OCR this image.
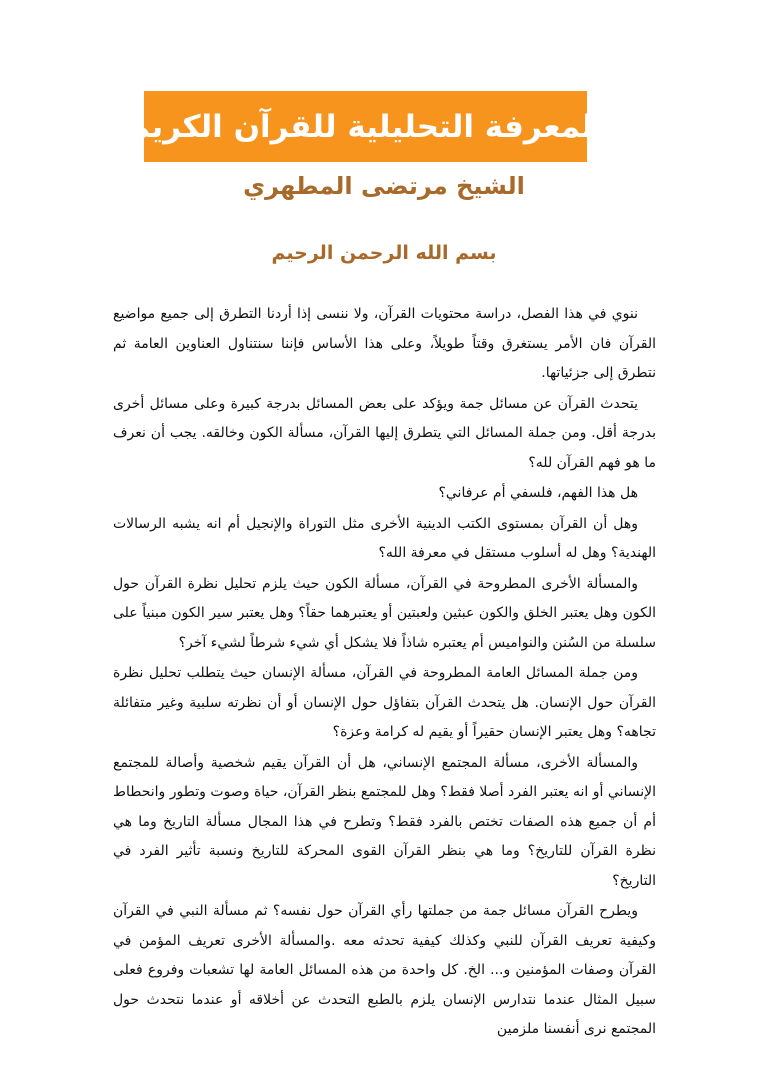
المعرفة التحليلية للقرآن الكريم
الشيخ مرتضى المطهري
بسم الله الرحمن الرحيم

ننوي في هذا الفصل، دراسة محتويات القرآن، ولا ننسى إذا أردنا التطرق إلى جميع مواضيع القرآن فان الأمر يستغرق وقتاً طويلاً، وعلى هذا الأساس فإننا سنتناول العناوين العامة ثم نتطرق إلى جزئياتها.

يتحدث القرآن عن مسائل جمة ويؤكد على بعض المسائل بدرجة كبيرة وعلى مسائل أخرى بدرجة أقل. ومن جملة المسائل التي يتطرق إليها القرآن، مسألة الكون وخالقه. يجب أن نعرف ما هو فهم القرآن لله؟

هل هذا الفهم، فلسفي أم عرفاني؟

وهل أن القرآن بمستوى الكتب الدينية الأخرى مثل التوراة والإنجيل أم انه يشبه الرسالات الهندية؟ وهل له أسلوب مستقل في معرفة الله؟

والمسألة الأخرى المطروحة في القرآن، مسألة الكون حيث يلزم تحليل نظرة القرآن حول الكون وهل يعتبر الخلق والكون عبثين ولعبتين أو يعتبرهما حقاً؟ وهل يعتبر سير الكون مبنياً على سلسلة من السُنن والنواميس أم يعتبره شاذاً فلا يشكل أي شيء شرطاً لشيء آخر؟

ومن جملة المسائل العامة المطروحة في القرآن، مسألة الإنسان حيث يتطلب تحليل نظرة القرآن حول الإنسان. هل يتحدث القرآن بتفاؤل حول الإنسان أو أن نظرته سلبية وغير متفائلة تجاهه؟ وهل يعتبر الإنسان حقيراً أو يقيم له كرامة وعزة؟

والمسألة الأخرى، مسألة المجتمع الإنساني، هل أن القرآن يقيم شخصية وأصالة للمجتمع الإنساني أو انه يعتبر الفرد أصلا فقط؟ وهل للمجتمع بنظر القرآن، حياة وصوت وتطور وانحطاط أم أن جميع هذه الصفات تختص بالفرد فقط؟ وتطرح في هذا المجال مسألة التاريخ وما هي نظرة القرآن للتاريخ؟ وما هي بنظر القرآن القوى المحركة للتاريخ ونسبة تأثير الفرد في التاريخ؟

ويطرح القرآن مسائل جمة من جملتها رأي القرآن حول نفسه؟ ثم مسألة النبي في القرآن وكيفية تعريف القرآن للنبي وكذلك كيفية تحدثه معه .والمسألة الأخرى تعريف المؤمن في القرآن وصفات المؤمنين و... الخ. كل واحدة من هذه المسائل العامة لها تشعبات وفروع فعلى سبيل المثال عندما نتدارس الإنسان يلزم بالطبع التحدث عن أخلاقه أو عندما نتحدث حول المجتمع نرى أنفسنا ملزمين
